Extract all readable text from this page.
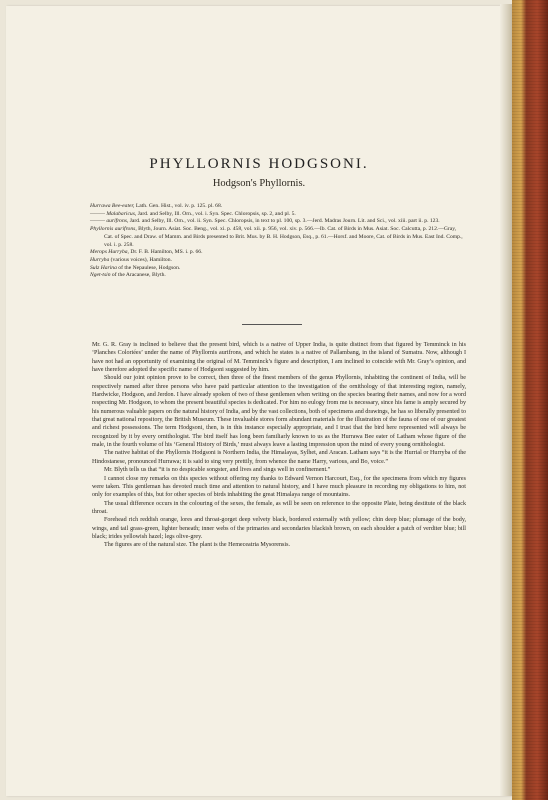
PHYLLORNIS HODGSONI.
Hodgson's Phyllornis.
Hurrawa Bee-eater, Lath. Gen. Hist., vol. iv. p. 125. pl. 68.
——— Malabaricus, Jard. and Selby, Ill. Orn., vol. i. Syn. Spec. Chloropsis, sp. 2, and pl. 5.
——— aurifrons, Jard. and Selby, Ill. Orn., vol. ii. Syn. Spec. Chloropsis, in text to pl. 100, sp. 3.—Jerd. Madras Journ. Lit. and Sci., vol. xiii. part ii. p. 123.
Phyllornis aurifrons, Blyth, Journ. Asiat. Soc. Beng., vol. xi. p. 458, vol. xii. p. 956, vol. xiv. p. 566.—Ib. Cat. of Birds in Mus. Asiat. Soc. Calcutta, p. 212.—Gray, Cat. of Spec. and Draw. of Mamm. and Birds presented to Brit. Mus. by B. H. Hodgson, Esq., p. 61.—Horsf. and Moore, Cat. of Birds in Mus. East Ind. Comp., vol. i. p. 258.
Merops Hurryba, Dr. F. B. Hamilton, MS. i. p. 66.
Hurryba (various voices), Hamilton.
Sulz Harina of the Nepaulese, Hodgson.
Nget-tsin of the Aracanese, Blyth.

Mr. G. R. Gray is inclined to believe that the present bird, which is a native of Upper India, is quite distinct from that figured by Temminck in his ‘Planches Coloriées’ under the name of Phyllornis aurifrons, and which he states is a native of Pallambang, in the island of Sumatra. Now, although I have not had an opportunity of examining the original of M. Temminck’s figure and description, I am inclined to coincide with Mr. Gray’s opinion, and have therefore adopted the specific name of Hodgsoni suggested by him.

Should our joint opinion prove to be correct, then three of the finest members of the genus Phyllornis, inhabiting the continent of India, will be respectively named after three persons who have paid particular attention to the investigation of the ornithology of that interesting region, namely, Hardwicke, Hodgson, and Jerdon. I have already spoken of two of these gentlemen when writing on the species bearing their names, and now for a word respecting Mr. Hodgson, to whom the present beautiful species is dedicated. For him no eulogy from me is necessary, since his fame is amply secured by his numerous valuable papers on the natural history of India, and by the vast collections, both of specimens and drawings, he has so liberally presented to that great national repository, the British Museum. These invaluable stores form abundant materials for the illustration of the fauna of one of our greatest and richest possessions. The term Hodgsoni, then, is in this instance especially appropriate, and I trust that the bird here represented will always be recognized by it by every ornithologist. The bird itself has long been familiarly known to us as the Hurrawa Bee eater of Latham whose figure of the male, in the fourth volume of his ‘General History of Birds,’ must always leave a lasting impression upon the mind of every young ornithologist.

The native habitat of the Phyllornis Hodgsoni is Northern India, the Himalayas, Sylhet, and Aracan. Latham says “it is the Hurrial or Hurryba of the Hindostanese, pronounced Hurrawa; it is said to sing very prettily, from whence the name Harry, various, and Bo, voice.”

Mr. Blyth tells us that “it is no despicable songster, and lives and sings well in confinement.”

I cannot close my remarks on this species without offering my thanks to Edward Vernon Harcourt, Esq., for the specimens from which my figures were taken. This gentleman has devoted much time and attention to natural history, and I have much pleasure in recording my obligations to him, not only for examples of this, but for other species of birds inhabiting the great Himalaya range of mountains.

The usual difference occurs in the colouring of the sexes, the female, as will be seen on reference to the opposite Plate, being destitute of the black throat.

Forehead rich reddish orange, lores and throat-gorget deep velvety black, bordered externally with yellow; chin deep blue; plumage of the body, wings, and tail grass-green, lighter beneath; inner webs of the primaries and secondaries blackish brown, on each shoulder a patch of verditer blue; bill black; irides yellowish hazel; legs olive-grey.

The figures are of the natural size. The plant is the Hemeceatria Mysorensis.
